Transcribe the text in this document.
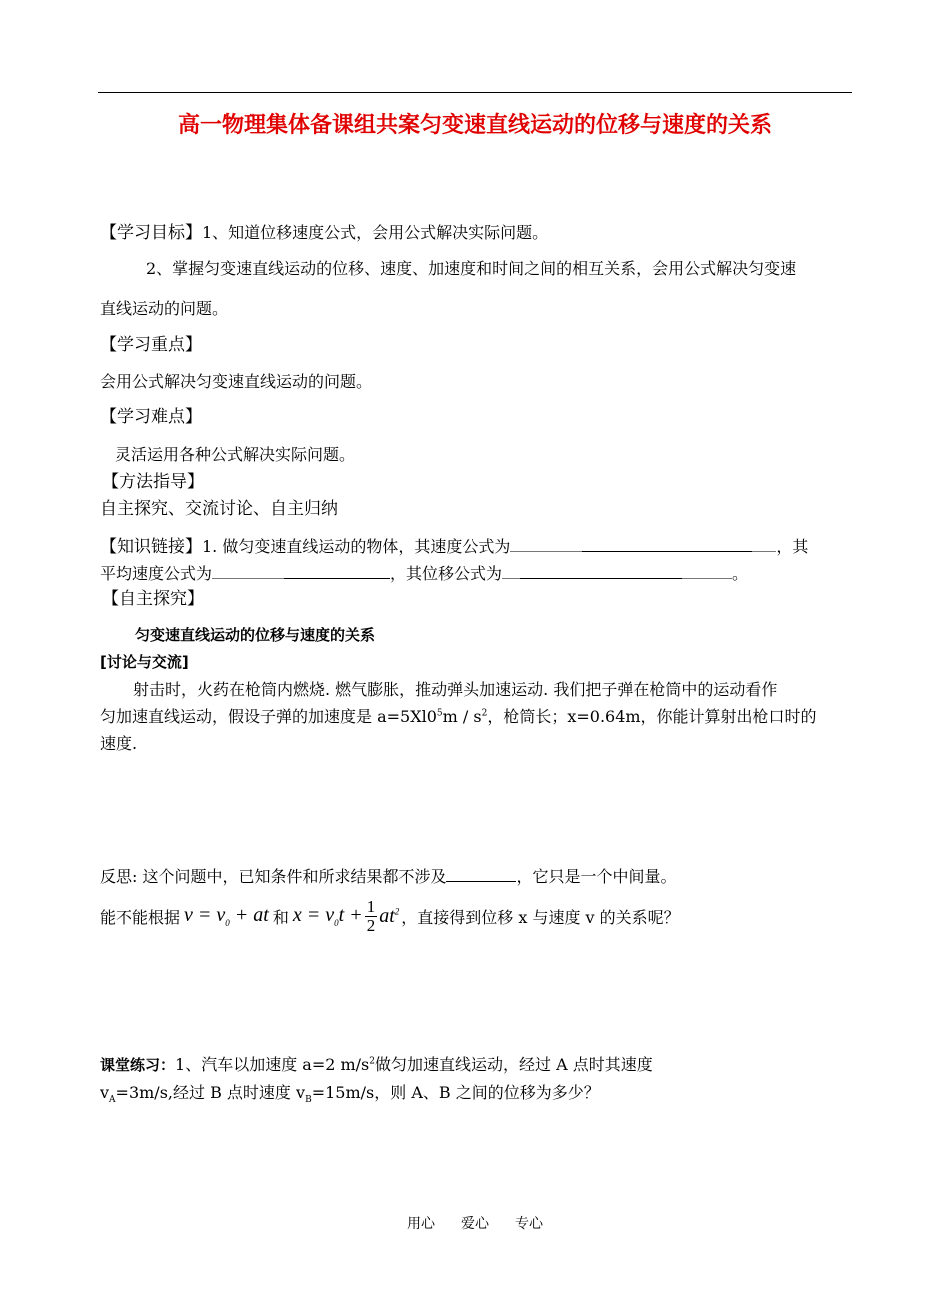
高一物理集体备课组共案匀变速直线运动的位移与速度的关系
【学习目标】1、知道位移速度公式，会用公式解决实际问题。
2、掌握匀变速直线运动的位移、速度、加速度和时间之间的相互关系，会用公式解决匀变速
直线运动的问题。
【学习重点】
会用公式解决匀变速直线运动的问题。
【学习难点】
灵活运用各种公式解决实际问题。
【方法指导】
自主探究、交流讨论、自主归纳
【知识链接】1. 做匀变速直线运动的物体，其速度公式为	，其
平均速度公式为	，其位移公式为	。
【自主探究】
匀变速直线运动的位移与速度的关系
[讨论与交流]
射击时，火药在枪筒内燃烧. 燃气膨胀，推动弹头加速运动. 我们把子弹在枪筒中的运动看作
匀加速直线运动，假设子弹的加速度是 $a=5Xl0^5m / s^2$，枪筒长；x=0.64m，你能计算射出枪口时的
速度.
反思: 这个问题中，已知条件和所求结果都不涉及	，它只是一个中间量。
能不能根据 $v = v_0$ + at 和 $x = v_0t + \frac{1}{2} at^2$ ，直接得到位移 x 与速度 v 的关系呢？
课堂练习：1、汽车以加速度 a=2 $m/s^2$做匀加速直线运动，经过 A 点时其速度
$v_A=3m/s$,经过 B 点时速度 $v_B=15m/s$，则 A、B 之间的位移为多少？
用心 爱心 专心
